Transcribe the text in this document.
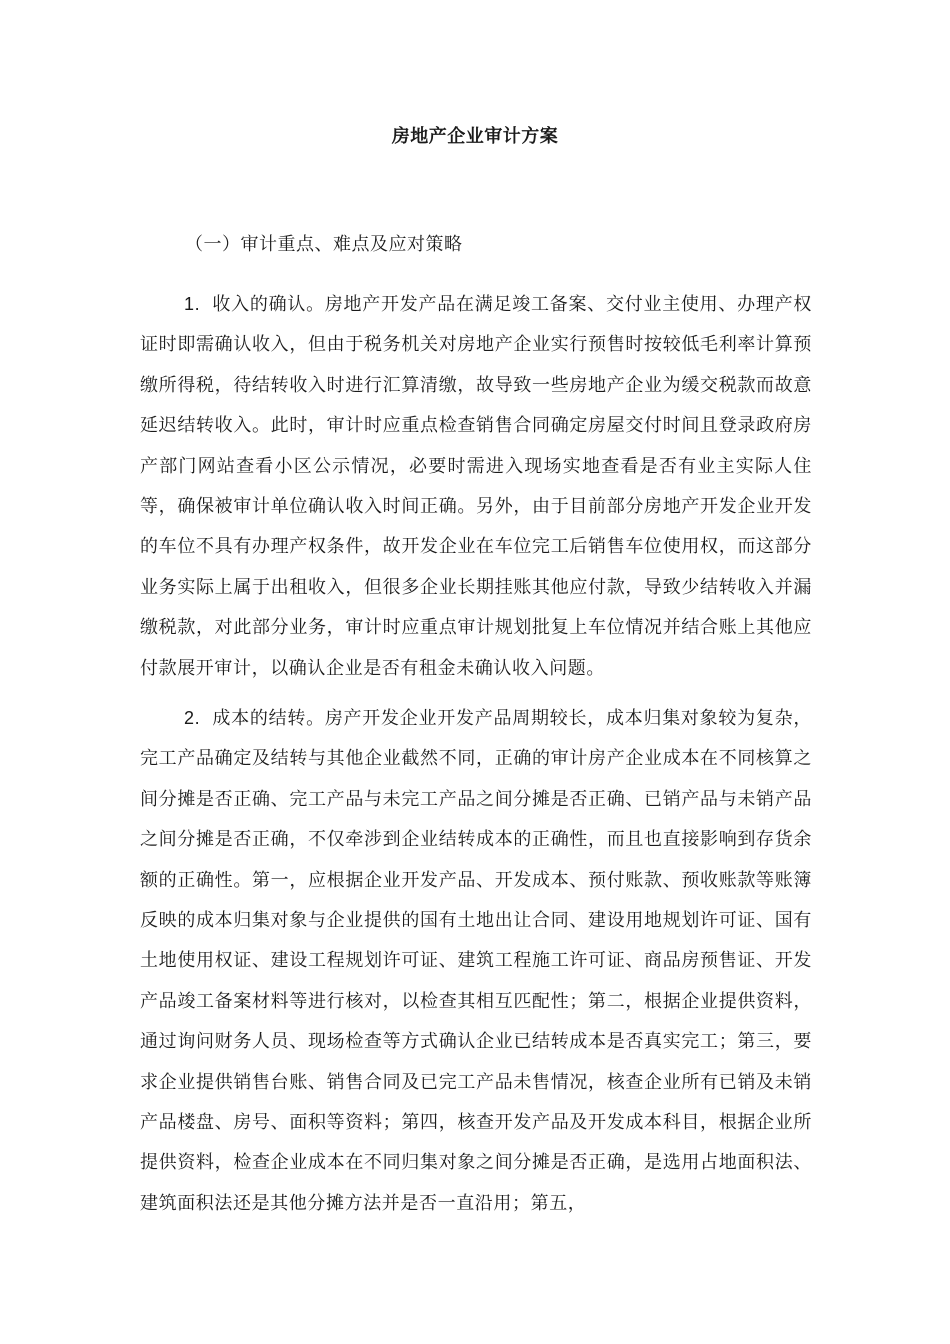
房地产企业审计方案
（一）审计重点、难点及应对策略
1. 收入的确认。房地产开发产品在满足竣工备案、交付业主使用、办理产权证时即需确认收入，但由于税务机关对房地产企业实行预售时按较低毛利率计算预缴所得税，待结转收入时进行汇算清缴，故导致一些房地产企业为缓交税款而故意延迟结转收入。此时，审计时应重点检查销售合同确定房屋交付时间且登录政府房产部门网站查看小区公示情况，必要时需进入现场实地查看是否有业主实际人住等，确保被审计单位确认收入时间正确。另外，由于目前部分房地产开发企业开发的车位不具有办理产权条件，故开发企业在车位完工后销售车位使用权，而这部分业务实际上属于出租收入，但很多企业长期挂账其他应付款，导致少结转收入并漏缴税款，对此部分业务，审计时应重点审计规划批复上车位情况并结合账上其他应付款展开审计，以确认企业是否有租金未确认收入问题。
2. 成本的结转。房产开发企业开发产品周期较长，成本归集对象较为复杂，完工产品确定及结转与其他企业截然不同，正确的审计房产企业成本在不同核算之间分摊是否正确、完工产品与未完工产品之间分摊是否正确、已销产品与未销产品之间分摊是否正确，不仅牵涉到企业结转成本的正确性，而且也直接影响到存货余额的正确性。第一，应根据企业开发产品、开发成本、预付账款、预收账款等账簿反映的成本归集对象与企业提供的国有土地出让合同、建设用地规划许可证、国有土地使用权证、建设工程规划许可证、建筑工程施工许可证、商品房预售证、开发产品竣工备案材料等进行核对，以检查其相互匹配性；第二，根据企业提供资料，通过询问财务人员、现场检查等方式确认企业已结转成本是否真实完工；第三，要求企业提供销售台账、销售合同及已完工产品未售情况，核查企业所有已销及未销产品楼盘、房号、面积等资料；第四，核查开发产品及开发成本科目，根据企业所提供资料，检查企业成本在不同归集对象之间分摊是否正确，是选用占地面积法、建筑面积法还是其他分摊方法并是否一直沿用；第五，
